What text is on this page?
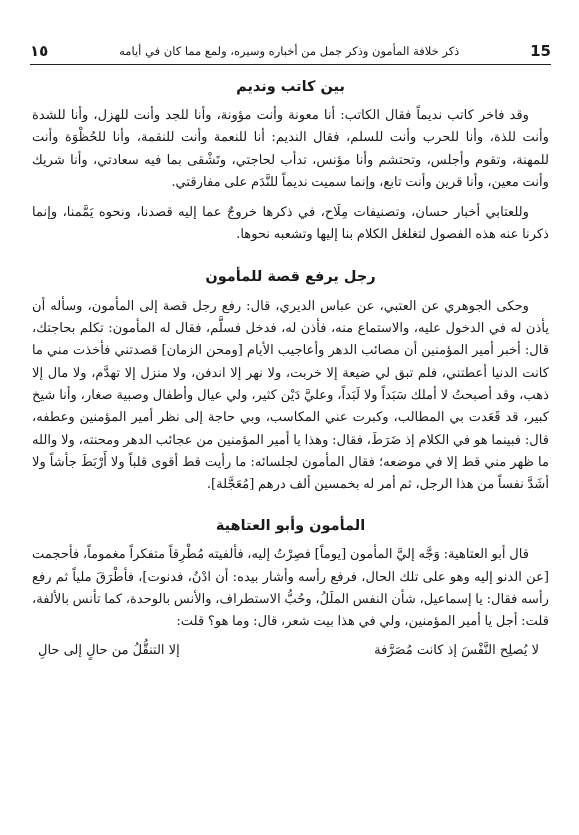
١٥	ذكر خلافة المأمون وذكر جمل من أخباره وسيره، ولمع مما كان في أيامه	15
بين كاتب ونديم

وقد فاخر كاتب نديماً فقال الكاتب: أنا معونة وأنت مؤونة، وأنا للجد وأنت للهزل، وأنا للشدة وأنت للذة، وأنا للحرب وأنت للسلم، فقال النديم: أنا للنعمة وأنت للنقمة، وأنا للحُظْوَة وأنت للمهنة، وتقوم وأجلس، وتحتشم وأنا مؤنس، تدأب لحاجتي، وتَشْقى بما فيه سعادتي، وأنا شريك وأنت معين، وأنا قرين وأنت تابع، وإنما سميت نديماً للنَّدَم على مفارقتي.

وللعتابي أخبار حسان، وتصنيفات مِلَاح، في ذكرها خروجٌ عما إليه قصدنا، ونحوه يَمَّمنا، وإنما ذكرنا عنه هذه الفصول لتغلغل الكلام بنا إليها وتشعبه نحوها.

رجل يرفع قصة للمأمون

وحكى الجوهري عن العتبي، عن عباس الديري، قال: رفع رجل قصة إلى المأمون، وسأله أن يأذن له في الدخول عليه، والاستماع منه، فأذن له، فدخل فسلَّم، فقال له المأمون: تكلم بحاجتك، قال: أخبر أمير المؤمنين أن مصائب الدهر وأعاجيب الأيام [ومحن الزمان] قصدتني فأخذت مني ما كانت الدنيا أعطتني، فلم تبق لي ضيعة إلا خربت، ولا نهر إلا اندفن، ولا منزل إلا تهدَّم، ولا مال إلا ذهب، وقد أصبحتُ لا أملك سَبَداً ولا لَبَداً، وعليَّ دَيْن كثير، ولي عيال وأطفال وصبية صغار، وأنا شيخ كبير، قد قَعَدت بي المطالب، وكبرت عني المكاسب، وبي حاجة إلى نظر أمير المؤمنين وعطفه، قال: فبينما هو في الكلام إذ ضَرَطَ، فقال: وهذا يا أمير المؤمنين من عجائب الدهر ومحنته، ولا والله ما ظهر مني قط إلا في موضعه؛ فقال المأمون لجلسائه: ما رأيت قط أقوى قلباً ولا أَرْبَطَ جأشاً ولا أشَدَّ نفساً من هذا الرجل، ثم أمر له بخمسين ألف درهم [مُعَجَّلة].

المأمون وأبو العتاهية

قال أبو العتاهية: وَجَّه إليَّ المأمون [يوماً] فصِرْتُ إليه، فألفيته مُطْرِقاً متفكراً مغموماً، فأحجمت [عن الدنو إليه وهو على تلك الحال، فرفع رأسه وأشار بيده: أن ادْنُ، فدنوت]، فأطْرَقَ ملياً ثم رفع رأسه فقال: يا إسماعيل، شأن النفس الملَلُ، وحُبُّ الاستطراف، والأنس بالوحدة، كما تأنس بالألفة، قلت: أجل يا أمير المؤمنين، ولي في هذا بيت شعر، قال: وما هو؟ قلت:

لا يُصلِح النَّفْسَ إذ كانت مُصَرَّفة
إلا التنقُّلُ من حالٍ إلى حالِ
